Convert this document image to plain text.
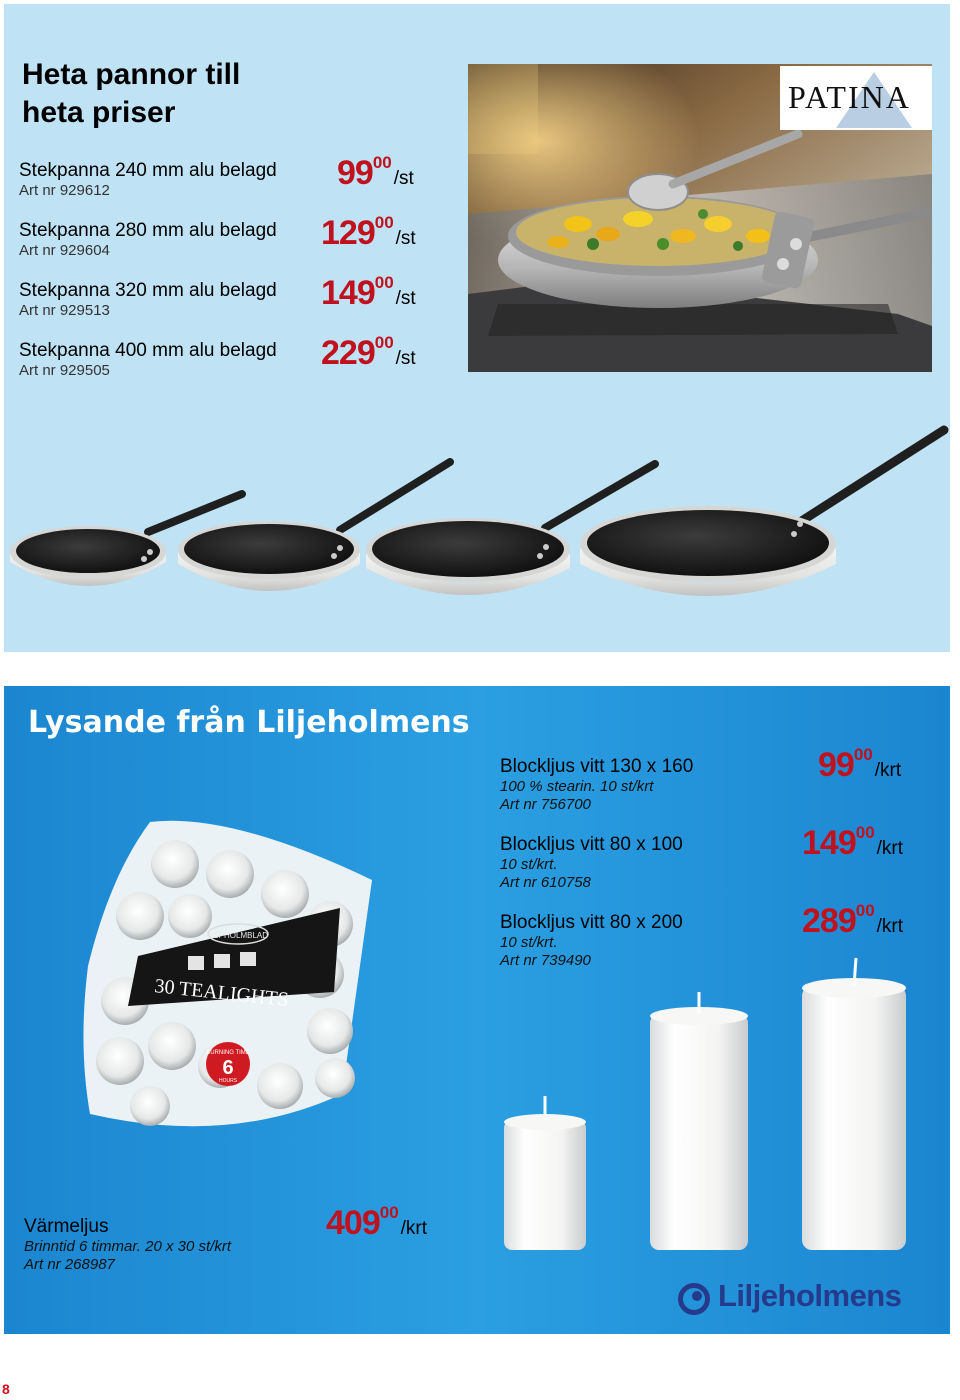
Heta pannor till
heta priser
Stekpanna 240 mm alu belagd
Art nr 929612	9900/st
Stekpanna 280 mm alu belagd
Art nr 929604	12900/st
Stekpanna 320 mm alu belagd
Art nr 929513	14900/st
Stekpanna 400 mm alu belagd
Art nr 929505	22900/st
PATINA
Lysande från Liljeholmens
Blockljus vitt 130 x 160
100 % stearin. 10 st/krt
Art nr 756700
9900/krt
Blockljus vitt 80 x 100
10 st/krt.
Art nr 610758
14900/krt
Blockljus vitt 80 x 200
10 st/krt.
Art nr 739490
28900/krt
ASPHOLMBLAD
30 TEALIGHTS
BURNING TIME
6
HOURS
Värmeljus
Brinntid 6 timmar. 20 x 30 st/krt
Art nr 268987
40900/krt
Liljeholmens
8
